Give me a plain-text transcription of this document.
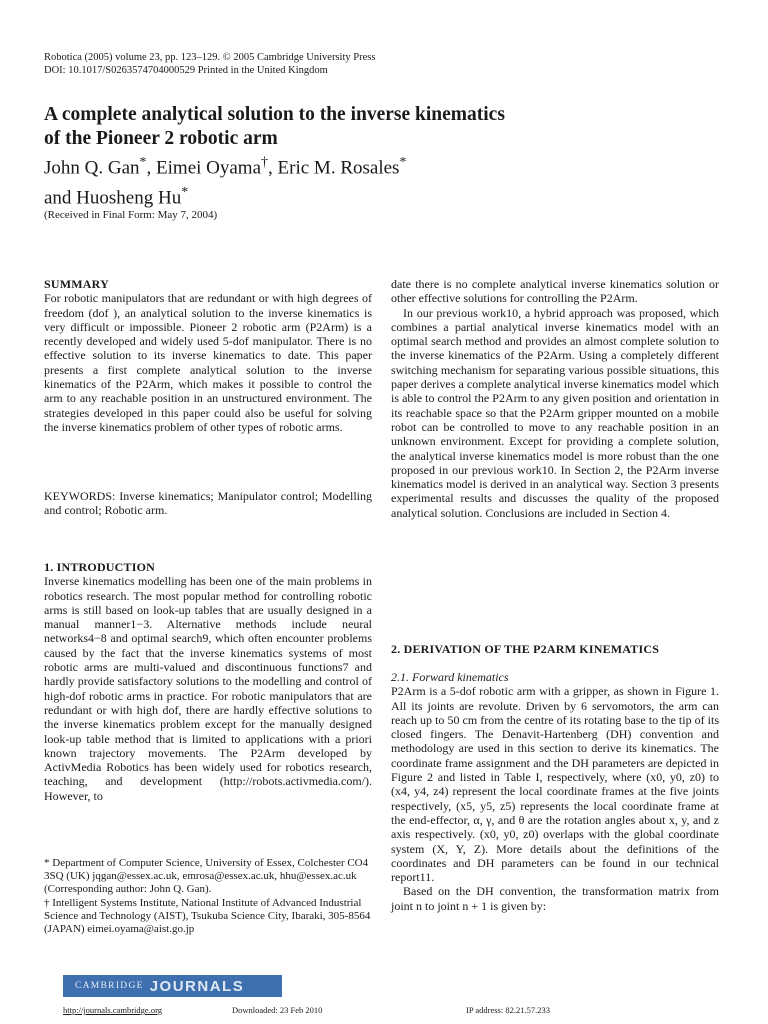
Robotica (2005) volume 23, pp. 123–129. © 2005 Cambridge University Press
DOI: 10.1017/S0263574704000529 Printed in the United Kingdom
A complete analytical solution to the inverse kinematics
of the Pioneer 2 robotic arm
John Q. Gan*, Eimei Oyama†, Eric M. Rosales*
and Huosheng Hu*
(Received in Final Form: May 7, 2004)
SUMMARY

For robotic manipulators that are redundant or with high degrees of freedom (dof ), an analytical solution to the inverse kinematics is very difficult or impossible. Pioneer 2 robotic arm (P2Arm) is a recently developed and widely used 5-dof manipulator. There is no effective solution to its inverse kinematics to date. This paper presents a first complete analytical solution to the inverse kinematics of the P2Arm, which makes it possible to control the arm to any reachable position in an unstructured environment. The strategies developed in this paper could also be useful for solving the inverse kinematics problem of other types of robotic arms.

KEYWORDS: Inverse kinematics; Manipulator control; Modelling and control; Robotic arm.
1. INTRODUCTION

Inverse kinematics modelling has been one of the main problems in robotics research. The most popular method for controlling robotic arms is still based on look-up tables that are usually designed in a manual manner1−3. Alternative methods include neural networks4−8 and optimal search9, which often encounter problems caused by the fact that the inverse kinematics systems of most robotic arms are multi-valued and discontinuous functions7 and hardly provide satisfactory solutions to the modelling and control of high-dof robotic arms in practice. For robotic manipulators that are redundant or with high dof, there are hardly effective solutions to the inverse kinematics problem except for the manually designed look-up table method that is limited to applications with a priori known trajectory movements. The P2Arm developed by ActivMedia Robotics has been widely used for robotics research, teaching, and development (http://robots.activmedia.com/). However, to

* Department of Computer Science, University of Essex, Colchester CO4 3SQ (UK) jqgan@essex.ac.uk, emrosa@essex.ac.uk, hhu@essex.ac.uk
(Corresponding author: John Q. Gan).
† Intelligent Systems Institute, National Institute of Advanced Industrial Science and Technology (AIST), Tsukuba Science City, Ibaraki, 305-8564 (JAPAN) eimei.oyama@aist.go.jp

date there is no complete analytical inverse kinematics solution or other effective solutions for controlling the P2Arm.

In our previous work10, a hybrid approach was proposed, which combines a partial analytical inverse kinematics model with an optimal search method and provides an almost complete solution to the inverse kinematics of the P2Arm. Using a completely different switching mechanism for separating various possible situations, this paper derives a complete analytical inverse kinematics model which is able to control the P2Arm to any given position and orientation in its reachable space so that the P2Arm gripper mounted on a mobile robot can be controlled to move to any reachable position in an unknown environment. Except for providing a complete solution, the analytical inverse kinematics model is more robust than the one proposed in our previous work10. In Section 2, the P2Arm inverse kinematics model is derived in an analytical way. Section 3 presents experimental results and discusses the quality of the proposed analytical solution. Conclusions are included in Section 4.

2. DERIVATION OF THE P2ARM KINEMATICS
2.1. Forward kinematics

P2Arm is a 5-dof robotic arm with a gripper, as shown in Figure 1. All its joints are revolute. Driven by 6 servomotors, the arm can reach up to 50 cm from the centre of its rotating base to the tip of its closed fingers. The Denavit-Hartenberg (DH) convention and methodology are used in this section to derive its kinematics. The coordinate frame assignment and the DH parameters are depicted in Figure 2 and listed in Table I, respectively, where (x0, y0, z0) to (x4, y4, z4) represent the local coordinate frames at the five joints respectively, (x5, y5, z5) represents the local coordinate frame at the end-effector, α, γ, and θ are the rotation angles about x, y, and z axis respectively. (x0, y0, z0) overlaps with the global coordinate system (X, Y, Z). More details about the definitions of the coordinates and DH parameters can be found in our technical report11.

Based on the DH convention, the transformation matrix from joint n to joint n + 1 is given by:

CAMBRIDGE JOURNALS
http://journals.cambridge.org	Downloaded: 23 Feb 2010	IP address: 82.21.57.233
